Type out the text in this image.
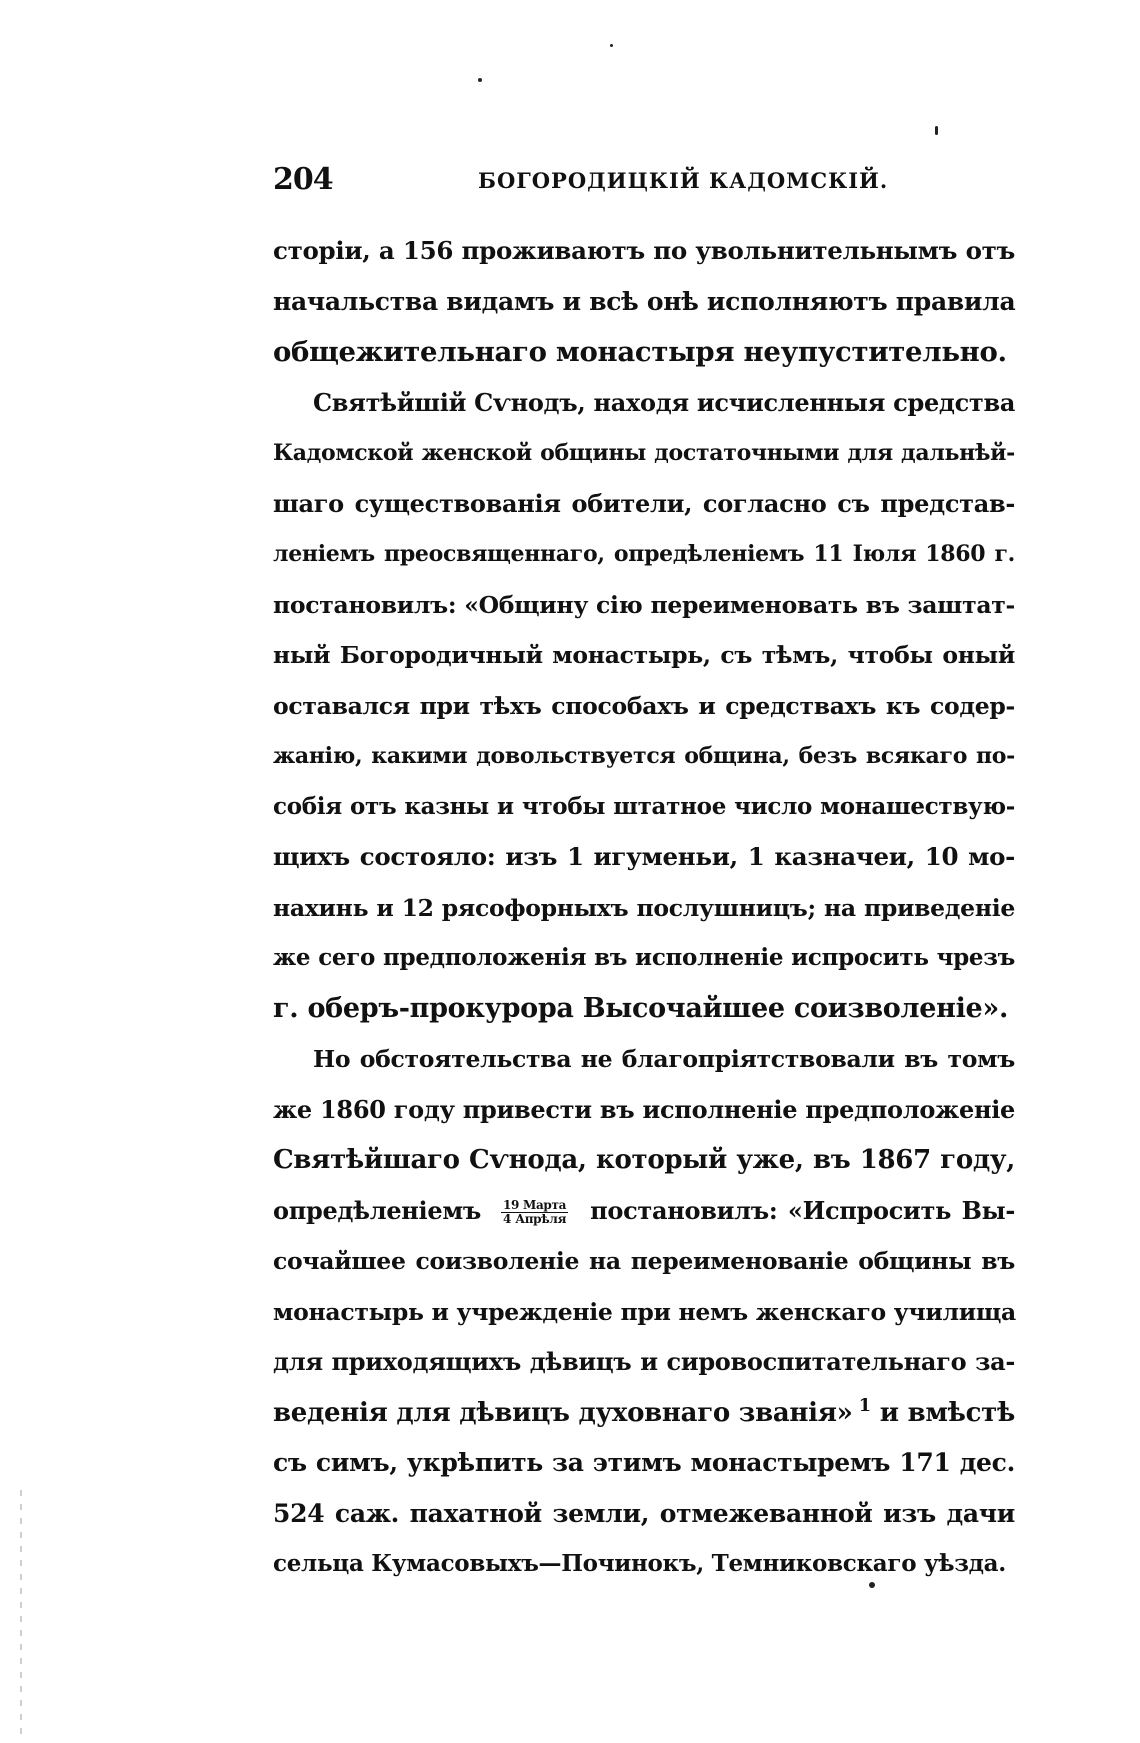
204	БОГОРОДИЦКІЙ КАДОМСКІЙ.
сторіи, а 156 проживаютъ по увольнительнымъ отъ
начальства видамъ и всѣ онѣ исполняютъ правила
общежительнаго монастыря неупустительно.
Святѣйшій Сѵнодъ, находя исчисленныя средства
Кадомской женской общины достаточными для дальнѣй-
шаго существованія обители, согласно съ представ-
леніемъ преосвященнаго, опредѣленіемъ 11 Іюля 1860 г.
постановилъ: «Общину сію переименовать въ заштат-
ный Богородичный монастырь, съ тѣмъ, чтобы оный
оставался при тѣхъ способахъ и средствахъ къ содер-
жанію, какими довольствуется община, безъ всякаго по-
собія отъ казны и чтобы штатное число монашествую-
щихъ состояло: изъ 1 игуменьи, 1 казначеи, 10 мо-
нахинь и 12 рясофорныхъ послушницъ; на приведеніе
же сего предположенія въ исполненіе испросить чрезъ
г. оберъ-прокурора Высочайшее соизволеніе».
Но обстоятельства не благопріятствовали въ томъ
же 1860 году привести въ исполненіе предположеніе
Святѣйшаго Сѵнода, который уже, въ 1867 году,
опредѣленіемъ $\frac{\text{19 Марта}}{\text{4 Апрѣля}}$ постановилъ: «Испросить Вы-
сочайшее соизволеніе на переименованіе общины въ
монастырь и учрежденіе при немъ женскаго училища
для приходящихъ дѣвицъ и сировоспитательнаго за-
веденія для дѣвицъ духовнаго званія» $^1$ и вмѣстѣ
съ симъ, укрѣпить за этимъ монастыремъ 171 дес.
524 саж. пахатной земли, отмежеванной изъ дачи
сельца Кумасовыхъ—Починокъ, Темниковскаго уѣзда.
